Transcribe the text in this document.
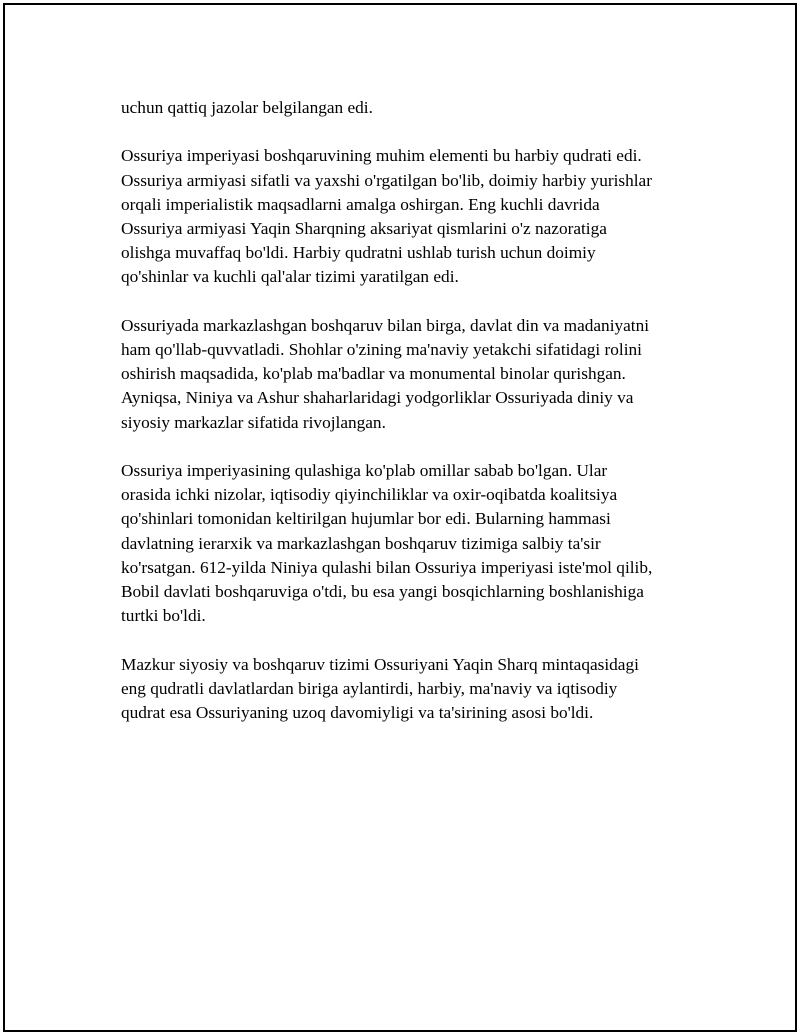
uchun qattiq jazolar belgilangan edi.

Ossuriya imperiyasi boshqaruvining muhim elementi bu harbiy qudrati edi.
Ossuriya armiyasi sifatli va yaxshi o'rgatilgan bo'lib, doimiy harbiy yurishlar
orqali imperialistik maqsadlarni amalga oshirgan. Eng kuchli davrida
Ossuriya armiyasi Yaqin Sharqning aksariyat qismlarini o'z nazoratiga
olishga muvaffaq bo'ldi. Harbiy qudratni ushlab turish uchun doimiy
qo'shinlar va kuchli qal'alar tizimi yaratilgan edi.

Ossuriyada markazlashgan boshqaruv bilan birga, davlat din va madaniyatni
ham qo'llab-quvvatladi. Shohlar o'zining ma'naviy yetakchi sifatidagi rolini
oshirish maqsadida, ko'plab ma'badlar va monumental binolar qurishgan.
Ayniqsa, Niniya va Ashur shaharlaridagi yodgorliklar Ossuriyada diniy va
siyosiy markazlar sifatida rivojlangan.

Ossuriya imperiyasining qulashiga ko'plab omillar sabab bo'lgan. Ular
orasida ichki nizolar, iqtisodiy qiyinchiliklar va oxir-oqibatda koalitsiya
qo'shinlari tomonidan keltirilgan hujumlar bor edi. Bularning hammasi
davlatning ierarxik va markazlashgan boshqaruv tizimiga salbiy ta'sir
ko'rsatgan. 612-yilda Niniya qulashi bilan Ossuriya imperiyasi iste'mol qilib,
Bobil davlati boshqaruviga o'tdi, bu esa yangi bosqichlarning boshlanishiga
turtki bo'ldi.

Mazkur siyosiy va boshqaruv tizimi Ossuriyani Yaqin Sharq mintaqasidagi
eng qudratli davlatlardan biriga aylantirdi, harbiy, ma'naviy va iqtisodiy
qudrat esa Ossuriyaning uzoq davomiyligi va ta'sirining asosi bo'ldi.
